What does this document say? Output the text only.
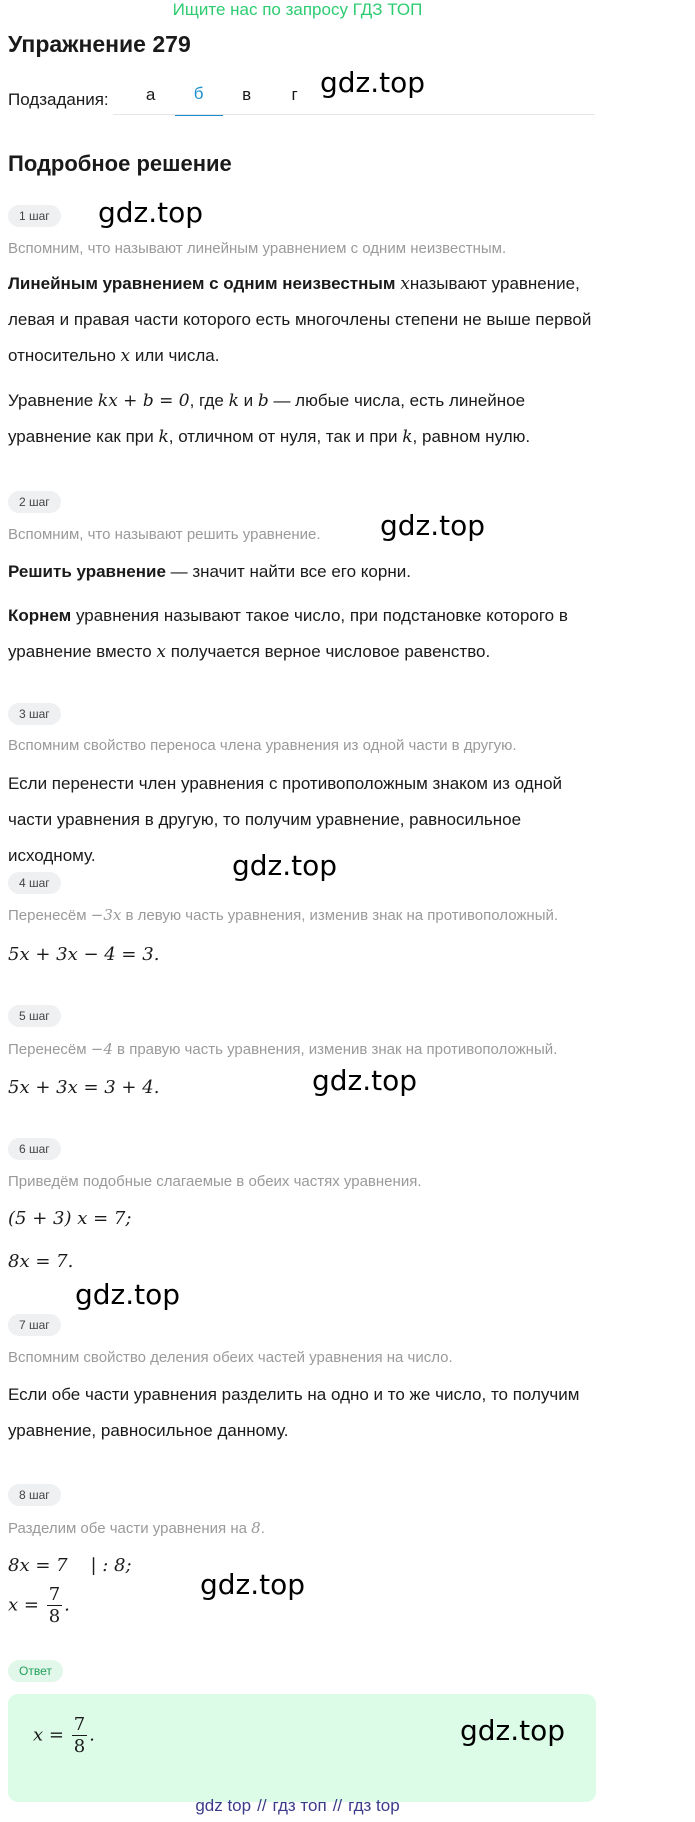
Ищите нас по запросу ГДЗ ТОП
Упражнение 279
Подзадания:	а	б	в	г gdz.top
Подробное решение
1 шаг	gdz.top
Вспомним, что называют линейным уравнением с одним неизвестным.
Линейным уравнением с одним неизвестным xназывают уравнение, левая и правая части которого есть многочлены степени не выше первой относительно x или числа.
Уравнение kx + b = 0, где k и b — любые числа, есть линейное уравнение как при k, отличном от нуля, так и при k, равном нулю.
2 шаг
Вспомним, что называют решить уравнение. gdz.top
Решить уравнение — значит найти все его корни.
Корнем уравнения называют такое число, при подстановке которого в уравнение вместо x получается верное числовое равенство.
3 шаг
Вспомним свойство переноса члена уравнения из одной части в другую.
Если перенести член уравнения с противоположным знаком из одной части уравнения в другую, то получим уравнение, равносильное исходному.	gdz.top
4 шаг
Перенесём −3x в левую часть уравнения, изменив знак на противоположный.
5x + 3x − 4 = 3.
5 шаг
Перенесём −4 в правую часть уравнения, изменив знак на противоположный.
gdz.top
5x + 3x = 3 + 4.
6 шаг
Приведём подобные слагаемые в обеих частях уравнения.
(5 + 3) x = 7;
8x = 7.
gdz.top
7 шаг
Вспомним свойство деления обеих частей уравнения на число.
Если обе части уравнения разделить на одно и то же число, то получим уравнение, равносильное данному.
8 шаг
Разделим обе части уравнения на 8.
8x = 7    | : 8;
gdz.top
$x = \frac{7}{8}$ .
Ответ
$x = \frac{7}{8}$ .	gdz.top
gdz top // гдз топ // гдз top
